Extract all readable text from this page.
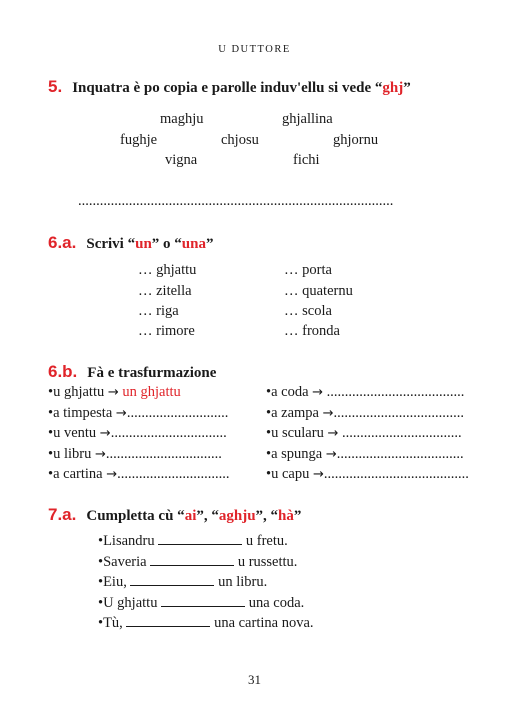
U DUTTORE
5. Inquatra è po copia e parolle induv'ellu si vede “ghj”
maghju	ghjallina
fughje	chjosu	ghjornu
vigna	fichi
.......................................................................................
6.a. Scrivi “un” o “una”
… ghjattu
… zitella
… riga
… rimore
… porta
… quaternu
… scola
… fronda
6.b. Fà e trasfurmazione
•u ghjattu → un ghjattu
•a timpesta →............................
•u ventu →................................
•u libru →................................
•a cartina →...............................
•a coda → ......................................
•a zampa →....................................
•u scularu → .................................
•a spunga →...................................
•u capu →........................................
7.a. Cumpletta cù “ai”, “aghju”, “hà”
•Lisandru	u fretu.
•Saveria	u russettu.
•Eiu,	un libru.
•U ghjattu	una coda.
•Tù,	una cartina nova.
31
